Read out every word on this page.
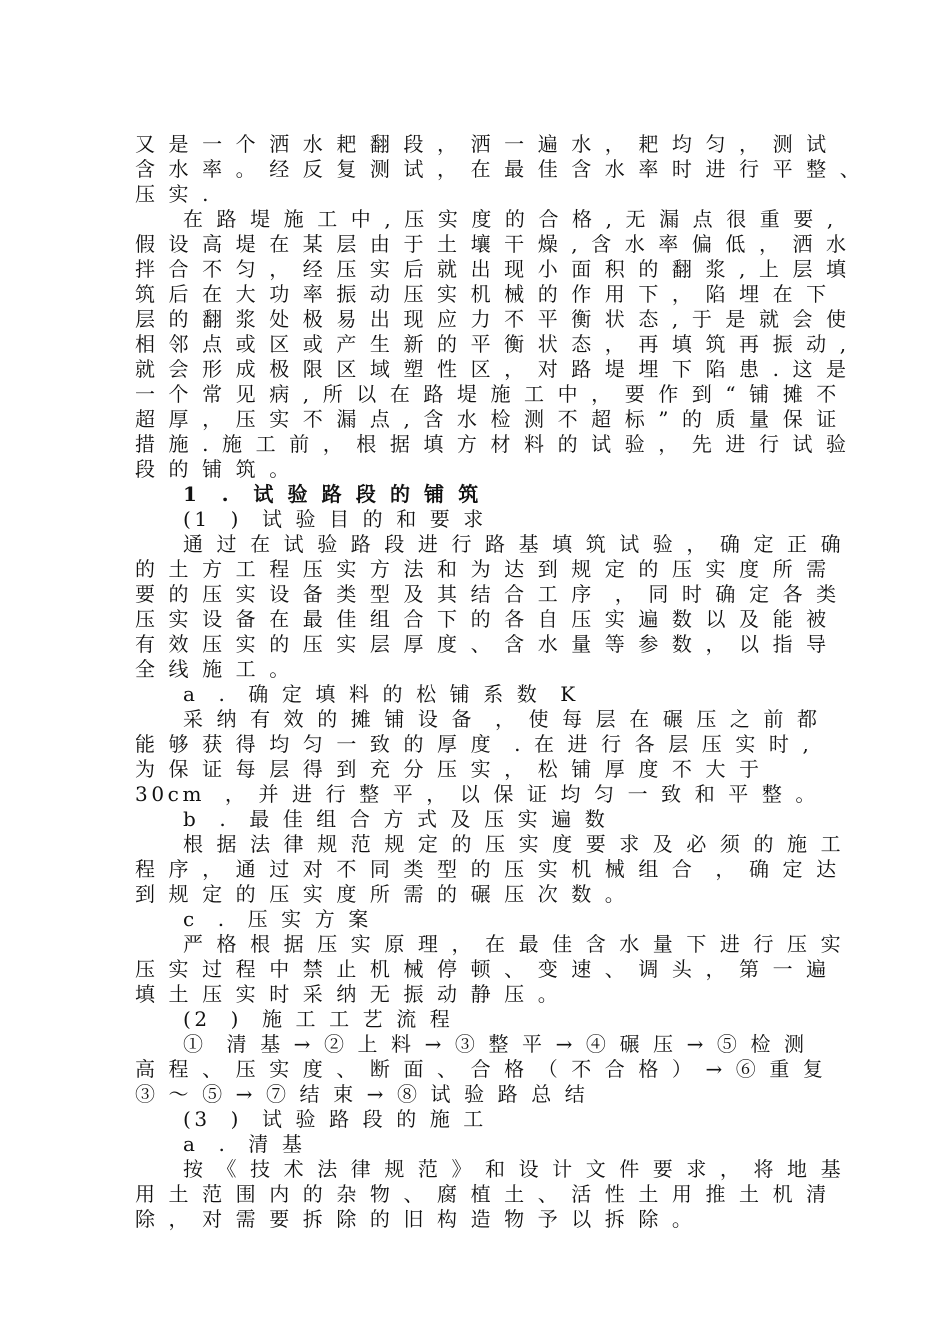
又 是 一 个 洒 水 耙 翻 段 ， 洒 一 遍 水 ， 耙 均 匀 ， 测 试
含 水 率 。 经 反 复 测 试 ， 在 最 佳 含 水 率 时 进 行 平 整 、
压 实 .
在 路 堤 施 工 中 , 压 实 度 的 合 格 , 无 漏 点 很 重 要 ,
假 设 高 堤 在 某 层 由 于 土 壤 干 燥 , 含 水 率 偏 低 ， 洒 水
拌 合 不 匀 ， 经 压 实 后 就 出 现 小 面 积 的 翻 浆 , 上 层 填
筑 后 在 大 功 率 振 动 压 实 机 械 的 作 用 下 ， 陷 埋 在 下
层 的 翻 浆 处 极 易 出 现 应 力 不 平 衡 状 态 , 于 是 就 会 使
相 邻 点 或 区 或 产 生 新 的 平 衡 状 态 ， 再 填 筑 再 振 动 ,
就 会 形 成 极 限 区 域 塑 性 区 ， 对 路 堤 埋 下 陷 患 . 这 是
一 个 常 见 病 , 所 以 在 路 堤 施 工 中 ， 要 作 到 “ 铺 摊 不
超 厚 ， 压 实 不 漏 点 , 含 水 检 测 不 超 标 ” 的 质 量 保 证
措 施 . 施 工 前 ， 根 据 填 方 材 料 的 试 验 ， 先 进 行 试 验
段 的 铺 筑 。
1  .  试 验 路 段 的 铺 筑
(1  )  试 验 目 的 和 要 求
通 过 在 试 验 路 段 进 行 路 基 填 筑 试 验 ， 确 定 正 确
的 土 方 工 程 压 实 方 法 和 为 达 到 规 定 的 压 实 度 所 需
要 的 压 实 设 备 类 型 及 其 结 合 工 序  ， 同 时 确 定 各 类
压 实 设 备 在 最 佳 组 合 下 的 各 自 压 实 遍 数 以 及 能 被
有 效 压 实 的 压 实 层 厚 度 、 含 水 量 等 参 数 ， 以 指 导
全 线 施 工 。
a  .  确 定 填 料 的 松 铺 系 数  K
采 纳 有 效 的 摊 铺 设 备  ， 使 每 层 在 碾 压 之 前 都
能 够 获 得 均 匀 一 致 的 厚 度  . 在 进 行 各 层 压 实 时 ,
为 保 证 每 层 得 到 充 分 压 实 ， 松 铺 厚 度 不 大 于
30cm  ， 并 进 行 整 平 ， 以 保 证 均 匀 一 致 和 平 整 。
b  .  最 佳 组 合 方 式 及 压 实 遍 数
根 据 法 律 规 范 规 定 的 压 实 度 要 求 及 必 须 的 施 工
程 序 ， 通 过 对 不 同 类 型 的 压 实 机 械 组 合  ， 确 定 达
到 规 定 的 压 实 度 所 需 的 碾 压 次 数 。
c  .  压 实 方 案
严 格 根 据 压 实 原 理 ， 在 最 佳 含 水 量 下 进 行 压 实
压 实 过 程 中 禁 止 机 械 停 顿 、 变 速 、 调 头 ， 第 一 遍
填 土 压 实 时 采 纳 无 振 动 静 压 。
(2  )  施 工 工 艺 流 程
①  清 基 → ② 上 料 → ③ 整 平 → ④ 碾 压 → ⑤ 检 测
高 程 、 压 实 度 、 断 面 、 合 格 （ 不 合 格 ） → ⑥ 重 复
③ ～ ⑤ → ⑦ 结 束 → ⑧ 试 验 路 总 结
(3  )  试 验 路 段 的 施 工
a  .  清 基
按 《 技 术 法 律 规 范 》 和 设 计 文 件 要 求 ， 将 地 基
用 土 范 围 内 的 杂 物 、 腐 植 土 、 活 性 土 用 推 土 机 清
除 ， 对 需 要 拆 除 的 旧 构 造 物 予 以 拆 除 。
